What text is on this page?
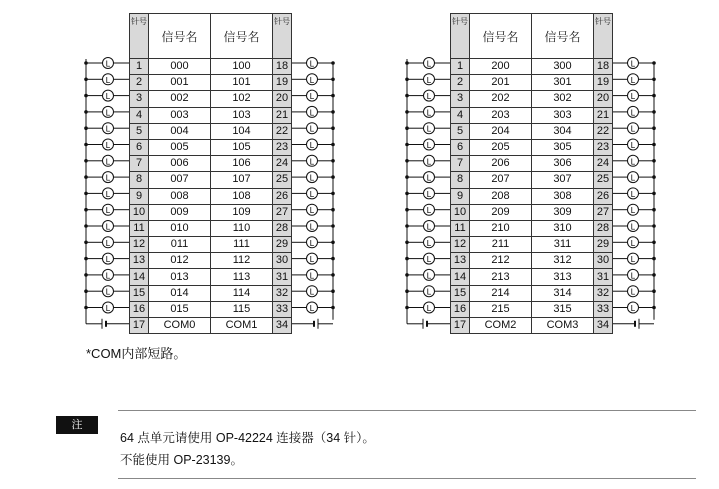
L	L
L	L
L	L
L	L
L	L
L	L
L	L
L	L
L	L
L	L
L	L
L	L
L	L
L	L
L	L
L	L
针号	信号名	信号名	针号
1	000	100	18
2	001	101	19
3	002	102	20
4	003	103	21
5	004	104	22
6	005	105	23
7	006	106	24
8	007	107	25
9	008	108	26
10	009	109	27
11	010	110	28
12	011	111	29
13	012	112	30
14	013	113	31
15	014	114	32
16	015	115	33
17	COM0	COM1	34
L	L
L	L
L	L
L	L
L	L
L	L
L	L
L	L
L	L
L	L
L	L
L	L
L	L
L	L
L	L
L	L
针号	信号名	信号名	针号
1	200	300	18
2	201	301	19
3	202	302	20
4	203	303	21
5	204	304	22
6	205	305	23
7	206	306	24
8	207	307	25
9	208	308	26
10	209	309	27
11	210	310	28
12	211	311	29
13	212	312	30
14	213	313	31
15	214	314	32
16	215	315	33
17	COM2	COM3	34
*COM内部短路。
注
64 点单元请使用 OP-42224 连接器（34 针）。
不能使用 OP-23139。
